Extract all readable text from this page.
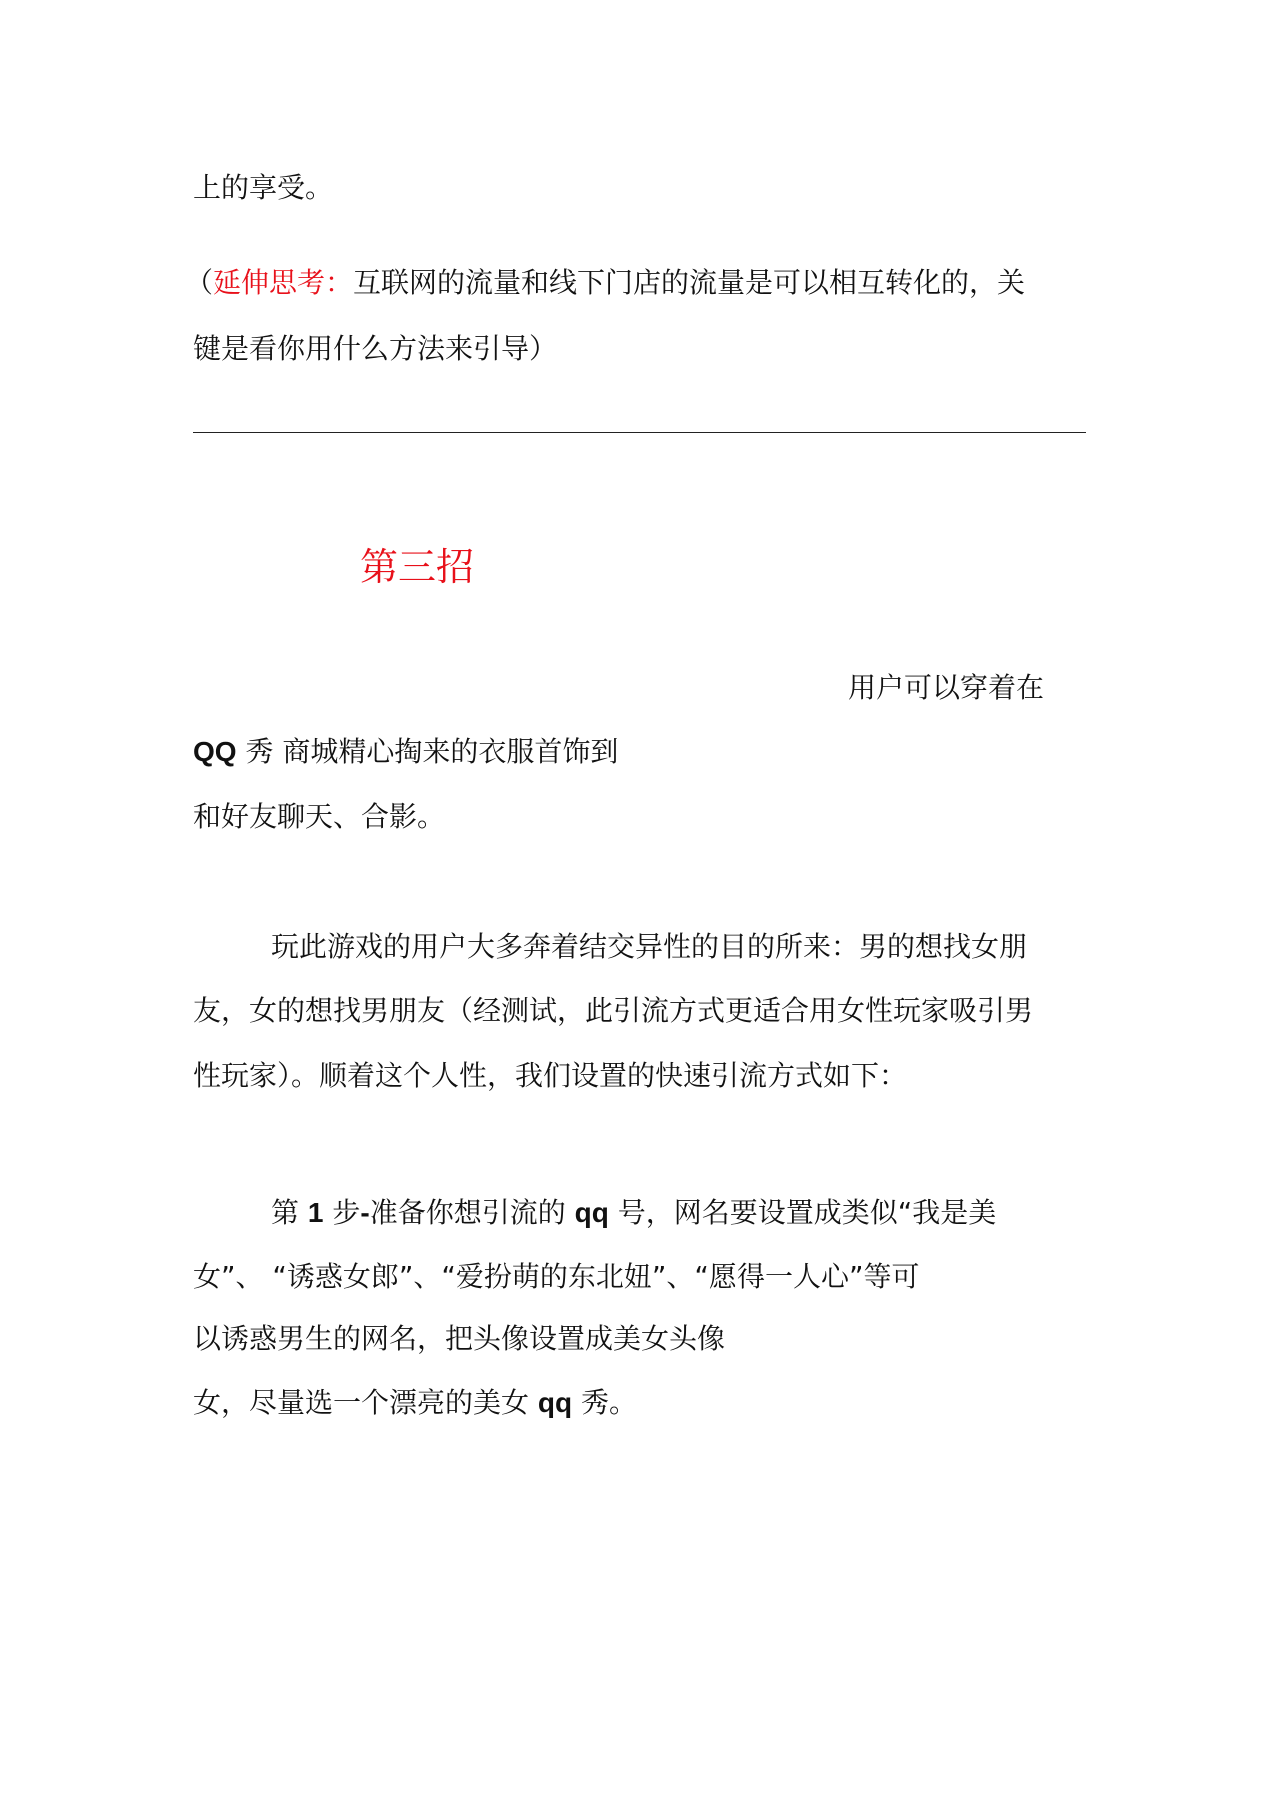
上的享受。
（延伸思考：互联网的流量和线下门店的流量是可以相互转化的，关
键是看你用什么方法来引导）
第三招
用户可以穿着在
QQ 秀 商城精心掏来的衣服首饰到
和好友聊天、合影。
玩此游戏的用户大多奔着结交异性的目的所来：男的想找女朋
友，女的想找男朋友（经测试，此引流方式更适合用女性玩家吸引男
性玩家）。顺着这个人性，我们设置的快速引流方式如下：
第 1 步-准备你想引流的 qq 号，网名要设置成类似“我是美
女”、 “诱惑女郎”、“爱扮萌的东北妞”、“愿得一人心”等可
以诱惑男生的网名，把头像设置成美女头像
女，尽量选一个漂亮的美女 qq 秀。
